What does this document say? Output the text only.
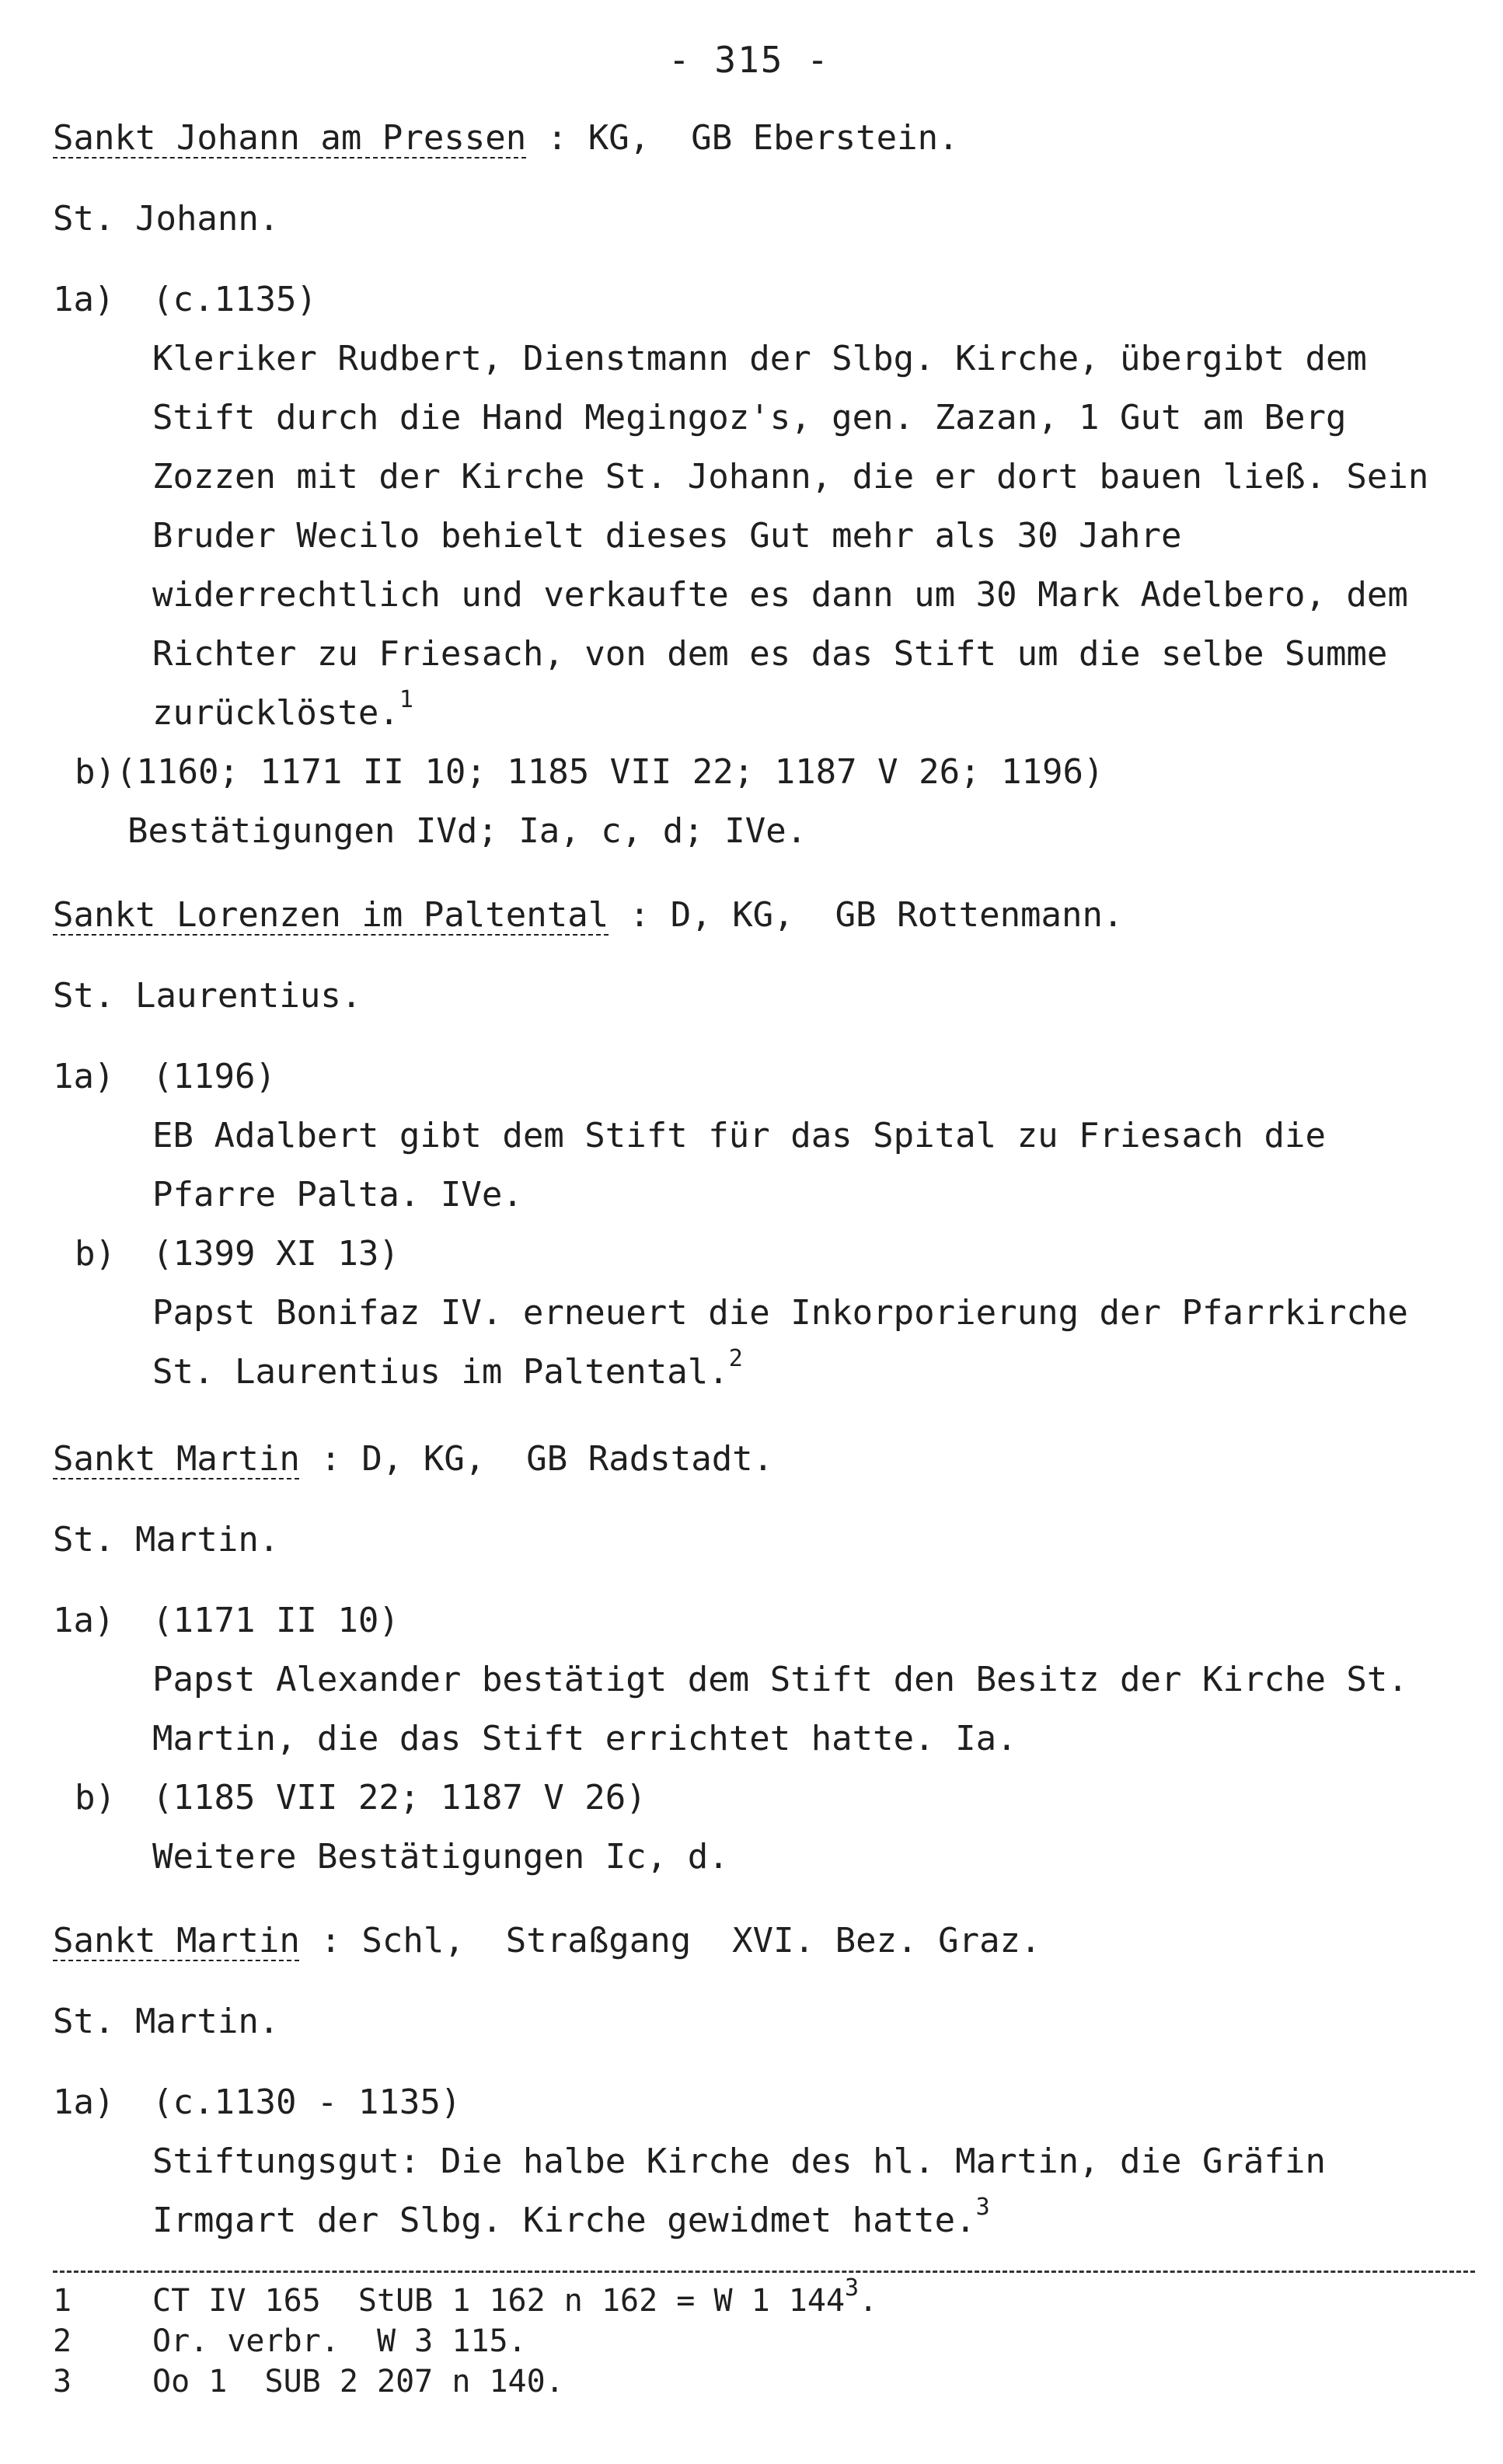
- 315 -
Sankt Johann am Pressen : KG,  GB Eberstein.
St. Johann.
1a) (c.1135)
Kleriker Rudbert, Dienstmann der Slbg. Kirche, übergibt dem Stift durch die Hand Megingoz's, gen. Zazan, 1 Gut am Berg Zozzen mit der Kirche St. Johann, die er dort bauen ließ. Sein Bruder Wecilo behielt dieses Gut mehr als 30 Jahre widerrechtlich und verkaufte es dann um 30 Mark Adelbero, dem Richter zu Friesach, von dem es das Stift um die selbe Summe zurücklöste.$^1$
b)(1160; 1171 II 10; 1185 VII 22; 1187 V 26; 1196)
Bestätigungen IVd; Ia, c, d; IVe.
Sankt Lorenzen im Paltental : D, KG,  GB Rottenmann.
St. Laurentius.
1a) (1196)
EB Adalbert gibt dem Stift für das Spital zu Friesach die Pfarre Palta. IVe.
b) (1399 XI 13)
Papst Bonifaz IV. erneuert die Inkorporierung der Pfarrkirche St. Laurentius im Paltental.$^2$
Sankt Martin : D, KG,  GB Radstadt.
St. Martin.
1a) (1171 II 10)
Papst Alexander bestätigt dem Stift den Besitz der Kirche St. Martin, die das Stift errichtet hatte. Ia.
b) (1185 VII 22; 1187 V 26)
Weitere Bestätigungen Ic, d.
Sankt Martin : Schl,  Straßgang  XVI. Bez. Graz.
St. Martin.
1a) (c.1130 - 1135)
Stiftungsgut: Die halbe Kirche des hl. Martin, die Gräfin Irmgart der Slbg. Kirche gewidmet hatte.$^3$
1	CT IV 165  StUB 1 162 n 162 = W 1 $144^3$.
2	Or. verbr.  W 3 115.
3	Oo 1  SUB 2 207 n 140.
